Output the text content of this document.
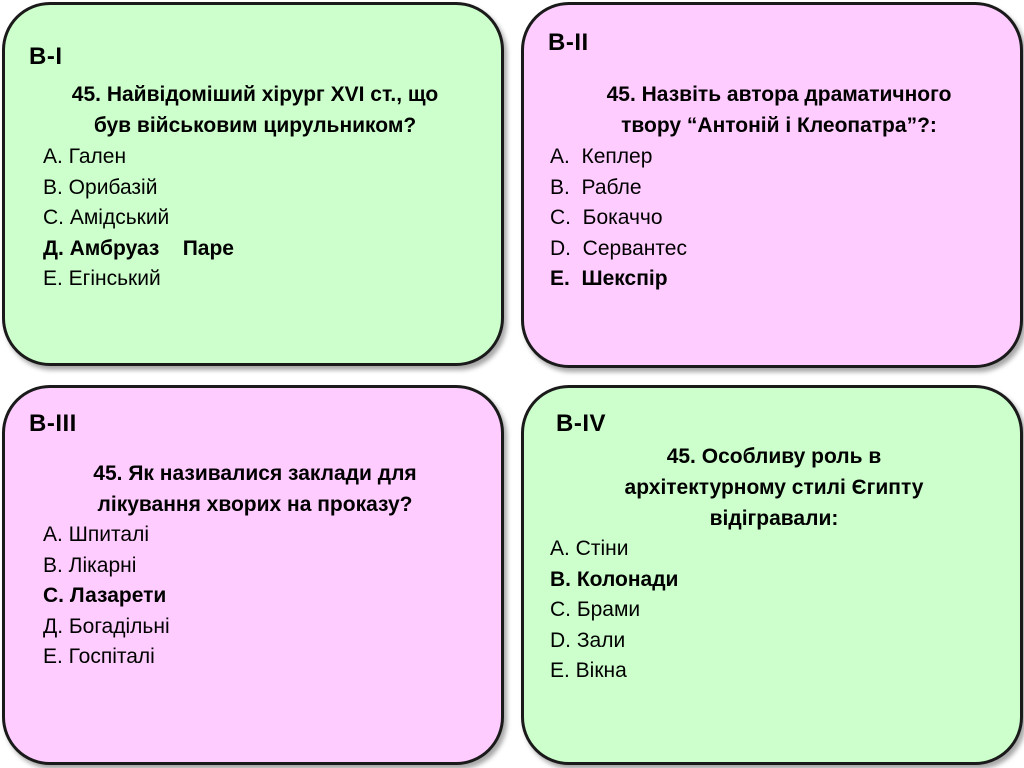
В-І
45. Найвідоміший хірург ХVI ст., що
був військовим цирульником?
А. Гален
В. Орибазій
С. Амідський
Д. Амбруаз    Паре
Е. Егінський
В-ІІ
45. Назвіть автора драматичного
твору “Антоній і Клеопатра”?:
А.  Кеплер
В.  Рабле
С.  Бокаччо
D.  Сервантес
E.  Шекспір
В-ІІІ
45. Як називалися заклади для
лікування хворих на проказу?
А. Шпиталі
В. Лікарні
С. Лазарети
Д. Богадільні
Е. Госпіталі
В-ІV
45. Особливу роль в
архітектурному стилі Єгипту
відігравали:
А. Стіни
В. Колонади
С. Брами
D. Зали
Е. Вікна
